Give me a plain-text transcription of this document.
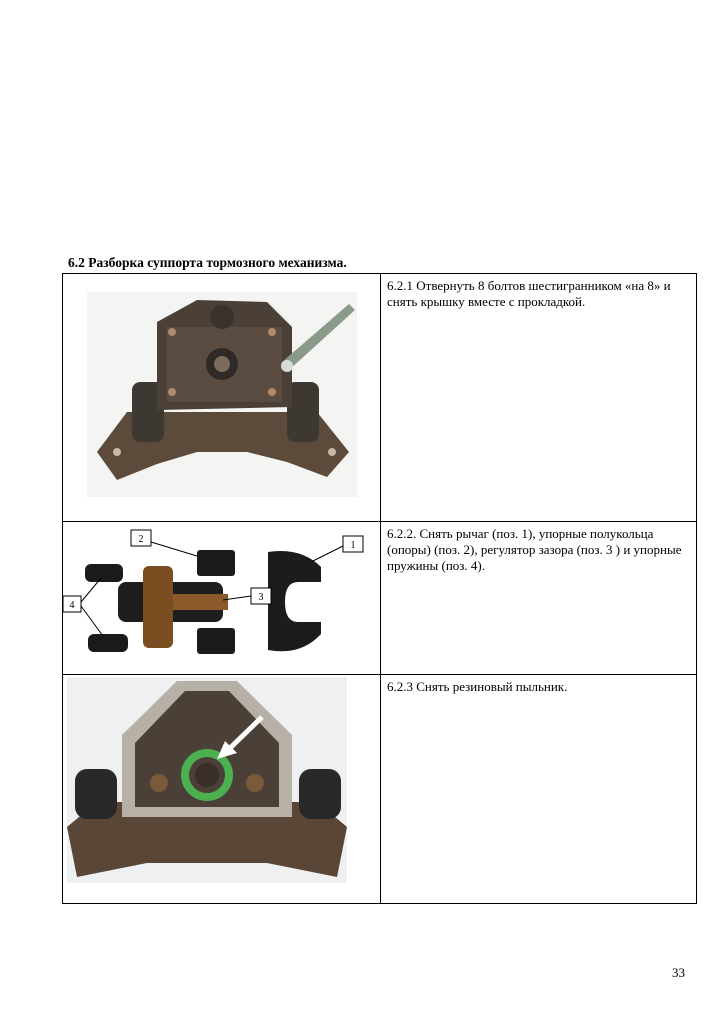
6.2 Разборка суппорта тормозного механизма.
	6.2.1 Отвернуть 8 болтов шестигранником «на 8» и снять крышку вместе с прокладкой.

2
1
3
4	6.2.2. Снять рычаг (поз. 1), упорные полукольца (опоры) (поз. 2), регулятор зазора (поз. 3 ) и упорные пружины (поз. 4).

	6.2.3 Снять резиновый пыльник.
33
